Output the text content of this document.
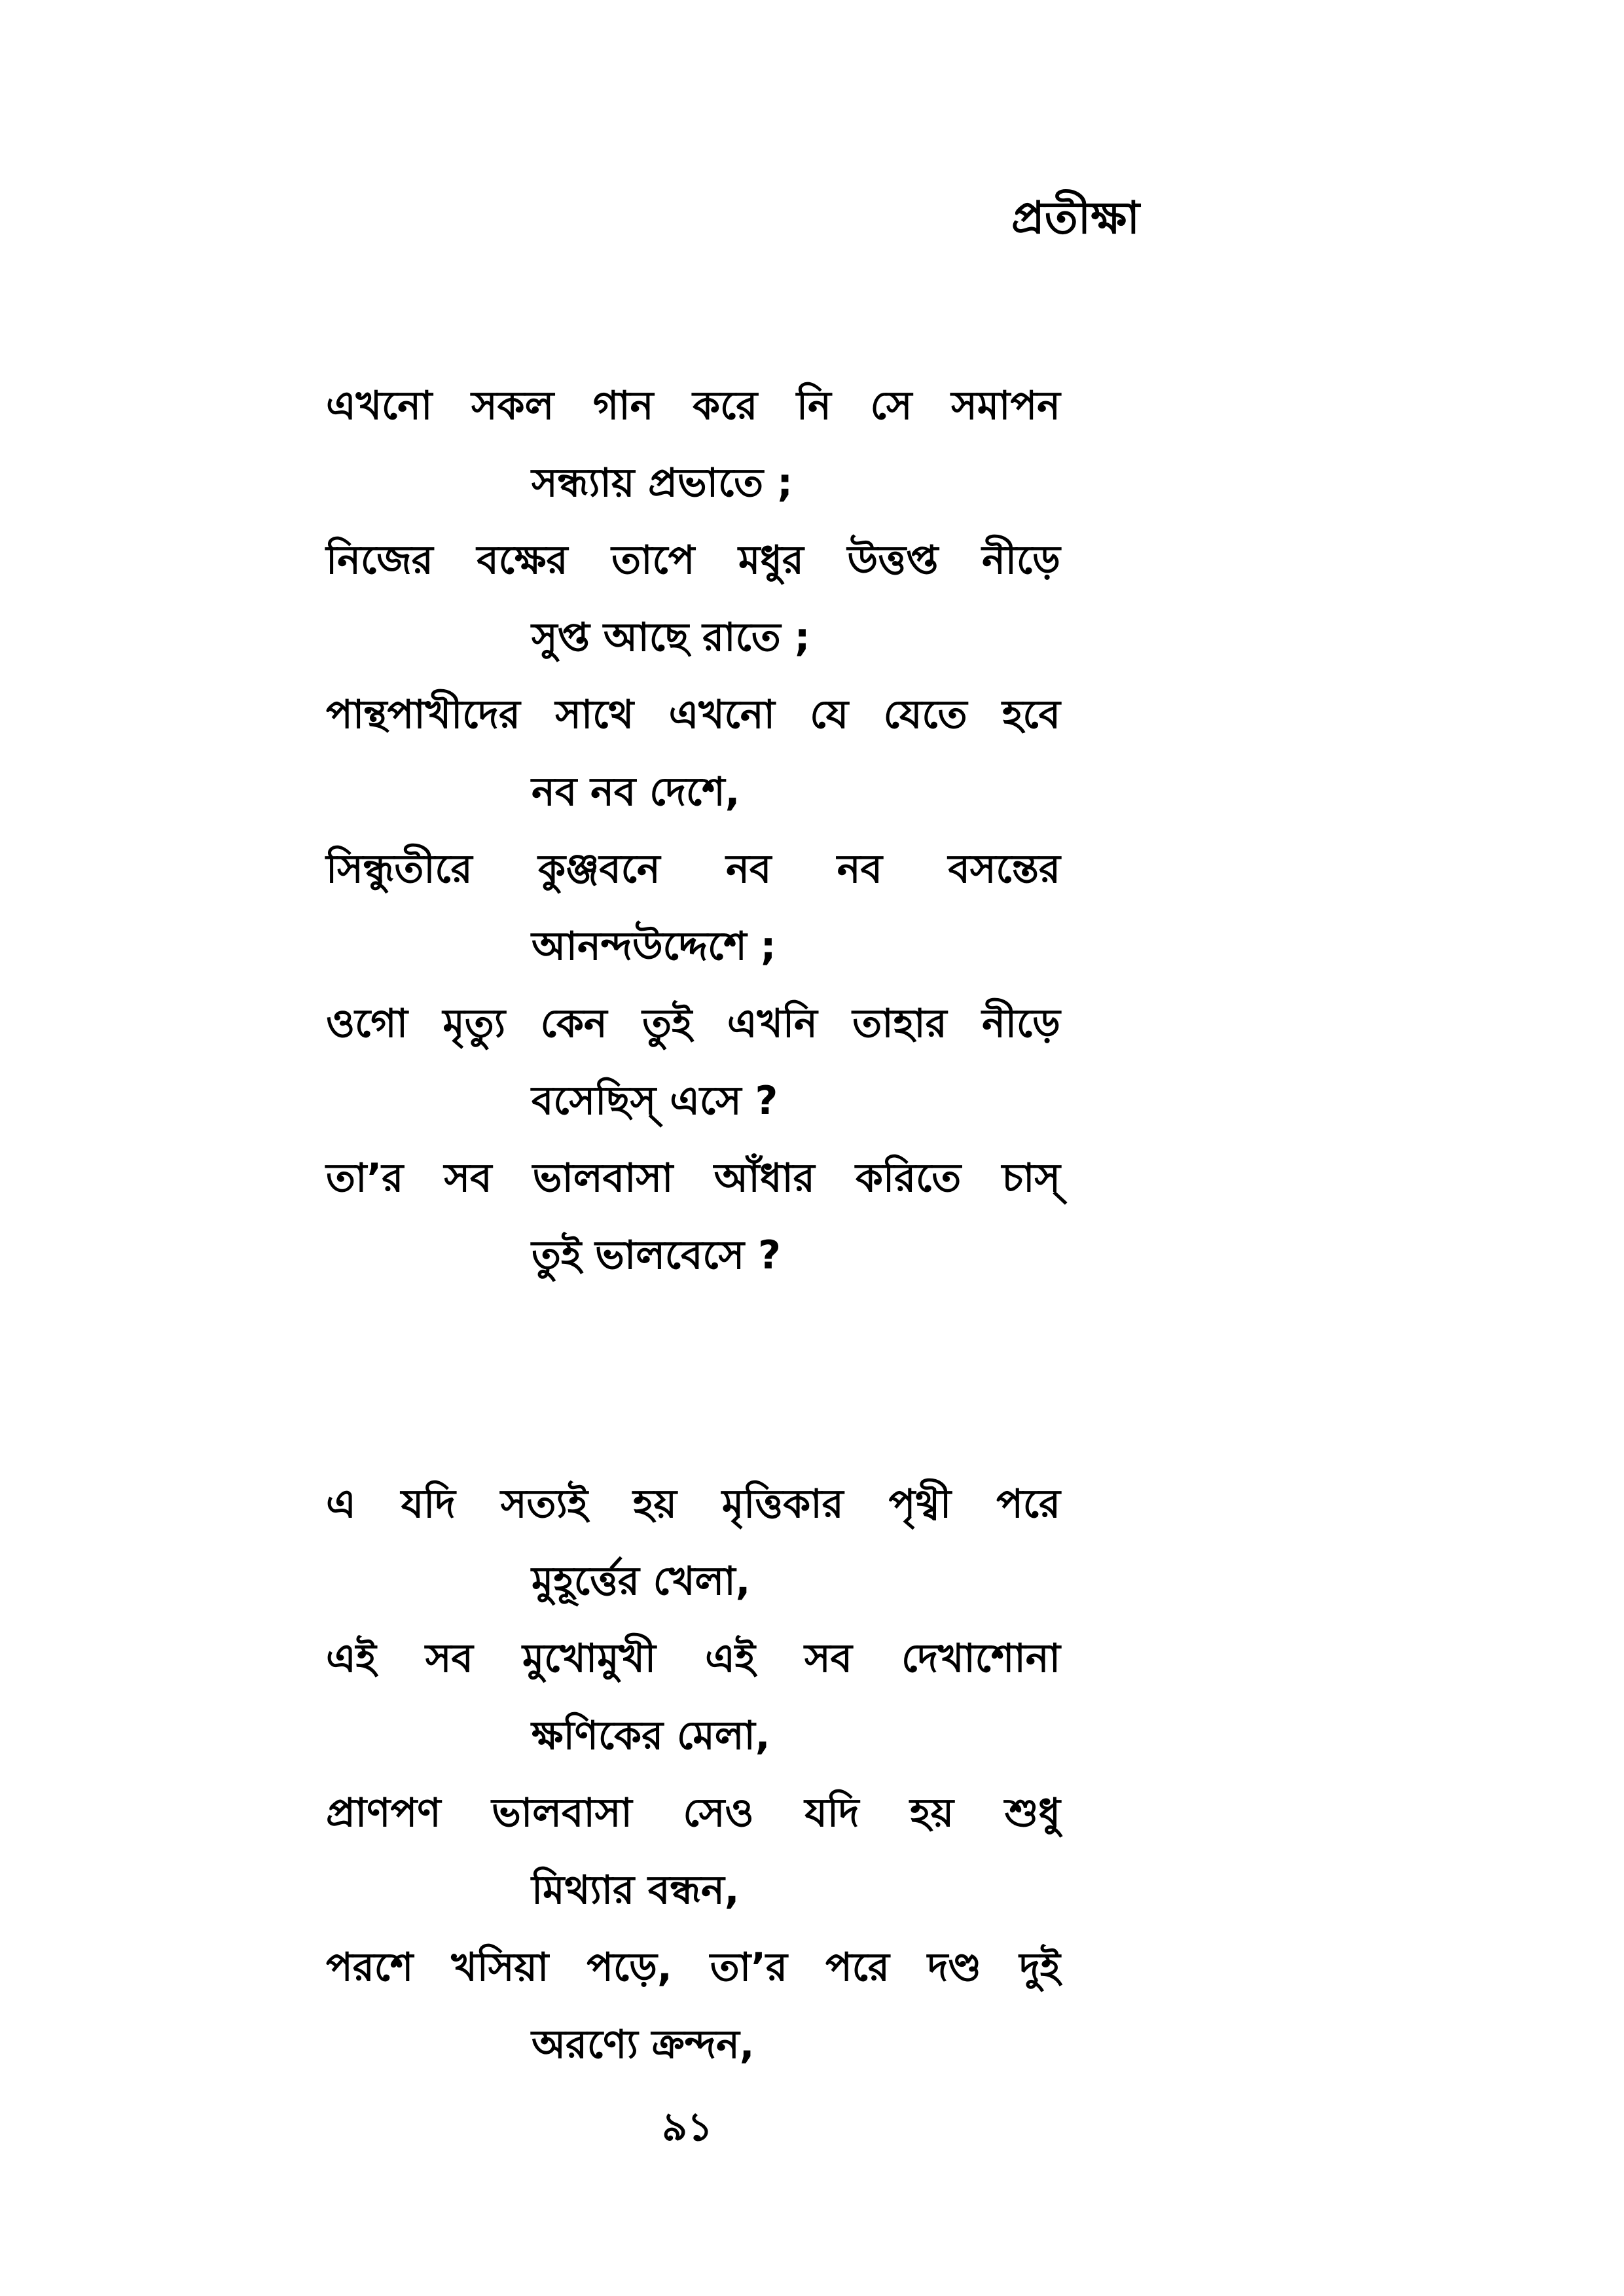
প্রতীক্ষা
এখনো সকল গান করে নি সে সমাপন
সন্ধ্যায় প্রভাতে ;
নিজের বক্ষের তাপে মধুর উত্তপ্ত নীড়ে
সুপ্ত আছে রাতে ;
পান্থপাখীদের সাথে এখনো যে যেতে হবে
নব নব দেশে,
সিন্ধুতীরে কুঞ্জবনে নব নব বসন্তের
আনন্দউদ্দেশে ;
ওগো মৃত্যু কেন তুই এখনি তাহার নীড়ে
বসেছিস্ এসে ?
তা’র সব ভালবাসা আঁধার করিতে চাস্
তুই ভালবেসে ?
এ যদি সত্যই হয় মৃত্তিকার পৃথ্বী পরে
মুহূর্ত্তের খেলা,
এই সব মুখোমুখী এই সব দেখাশোনা
ক্ষণিকের মেলা,
প্রাণপণ ভালবাসা সেও যদি হয় শুধু
মিথ্যার বন্ধন,
পরশে খসিয়া পড়ে, তা’র পরে দণ্ড দুই
অরণ্যে ক্রন্দন,
৯১
